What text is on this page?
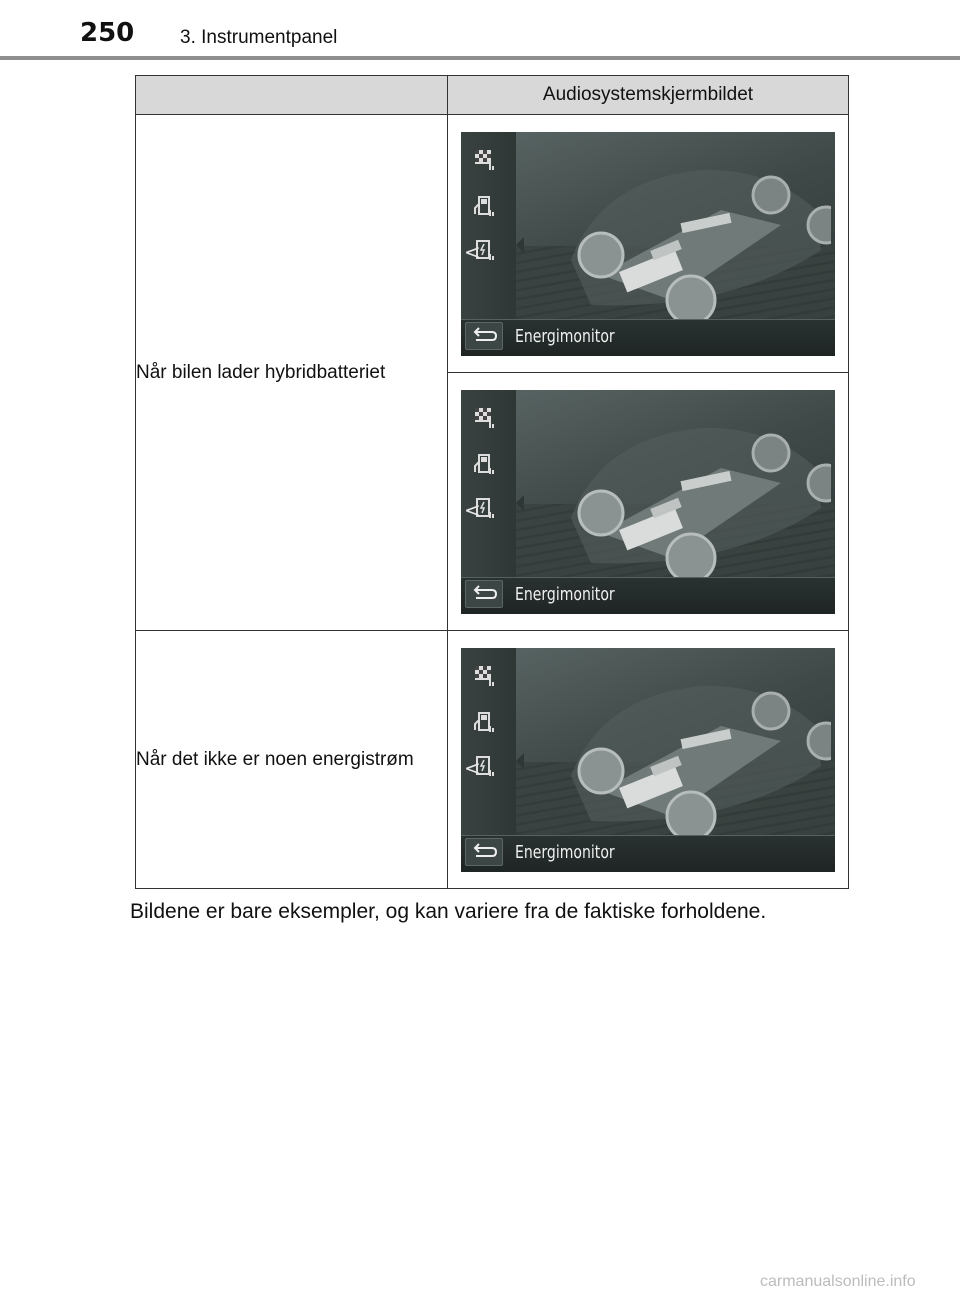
250 3. Instrumentpanel
	Audiosystemskjermbildet
Når bilen lader hybridbatteriet	<
Energimonitor

	<
Energimonitor

Når det ikke er noen energistrøm	<
Energimonitor
Bildene er bare eksempler, og kan variere fra de faktiske forholdene.
carmanualsonline.info
